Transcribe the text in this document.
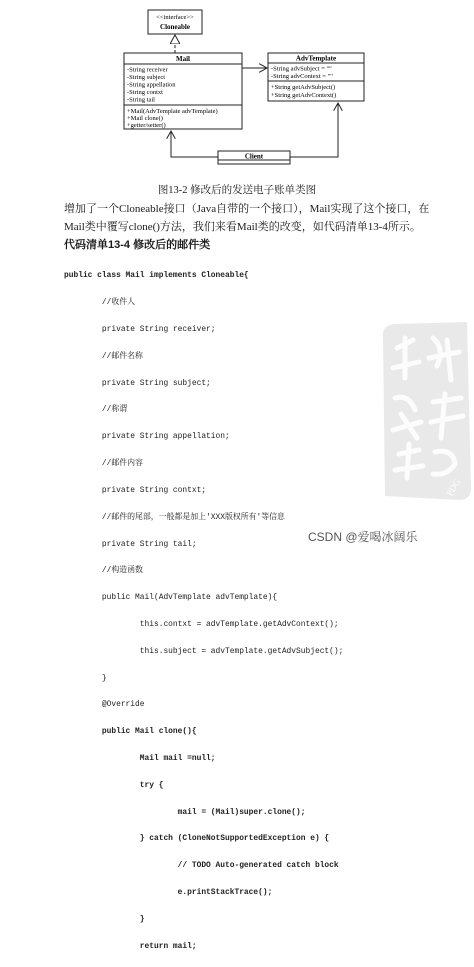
<<interface>>
Cloneable
Mail
-String receiver
-String subject
-String appellation
-String contxt
-String tail
+Mail(AdvTemplate advTemplate)
+Mail clone()
+getter/setter()
AdvTemplate
-String advSubject = ""
-String advContext = ""
+String getAdvSubject()
+String getAdvContext()
Client
图13-2 修改后的发送电子账单类图
增加了一个Cloneable接口（Java自带的一个接口），Mail实现了这个接口，在Mail类中覆写clone()方法，我们来看Mail类的改变，如代码清单13-4所示。
代码清单13-4 修改后的邮件类

public class Mail implements Cloneable{

//收件人

private String receiver;

//邮件名称

private String subject;

//称谓

private String appellation;

//邮件内容

private String contxt;

//邮件的尾部，一般都是加上'XXX版权所有'等信息

private String tail;

//构造函数

public Mail(AdvTemplate advTemplate){

this.contxt = advTemplate.getAdvContext();

this.subject = advTemplate.getAdvSubject();

}

@Override

public Mail clone(){

Mail mail =null;

try {

mail = (Mail)super.clone();

} catch (CloneNotSupportedException e) {

// TODO Auto-generated catch block

e.printStackTrace();

}

return mail;

PDG
CSDN @爱喝冰阔乐
